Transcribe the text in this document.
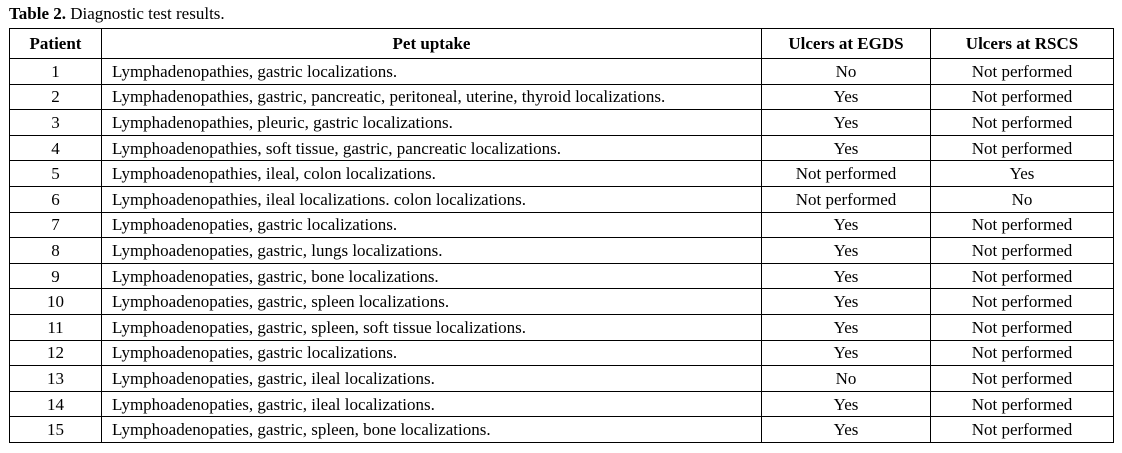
Table 2. Diagnostic test results.
Patient	Pet uptake	Ulcers at EGDS	Ulcers at RSCS
1	Lymphadenopathies, gastric localizations.	No	Not performed
2	Lymphadenopathies, gastric, pancreatic, peritoneal, uterine, thyroid localizations.	Yes	Not performed
3	Lymphadenopathies, pleuric, gastric localizations.	Yes	Not performed
4	Lymphoadenopathies, soft tissue, gastric, pancreatic localizations.	Yes	Not performed
5	Lymphoadenopathies, ileal, colon localizations.	Not performed	Yes
6	Lymphoadenopathies, ileal localizations. colon localizations.	Not performed	No
7	Lymphoadenopaties, gastric localizations.	Yes	Not performed
8	Lymphoadenopaties, gastric, lungs localizations.	Yes	Not performed
9	Lymphoadenopaties, gastric, bone localizations.	Yes	Not performed
10	Lymphoadenopaties, gastric, spleen localizations.	Yes	Not performed
11	Lymphoadenopaties, gastric, spleen, soft tissue localizations.	Yes	Not performed
12	Lymphoadenopaties, gastric localizations.	Yes	Not performed
13	Lymphoadenopaties, gastric, ileal localizations.	No	Not performed
14	Lymphoadenopaties, gastric, ileal localizations.	Yes	Not performed
15	Lymphoadenopaties, gastric, spleen, bone localizations.	Yes	Not performed
